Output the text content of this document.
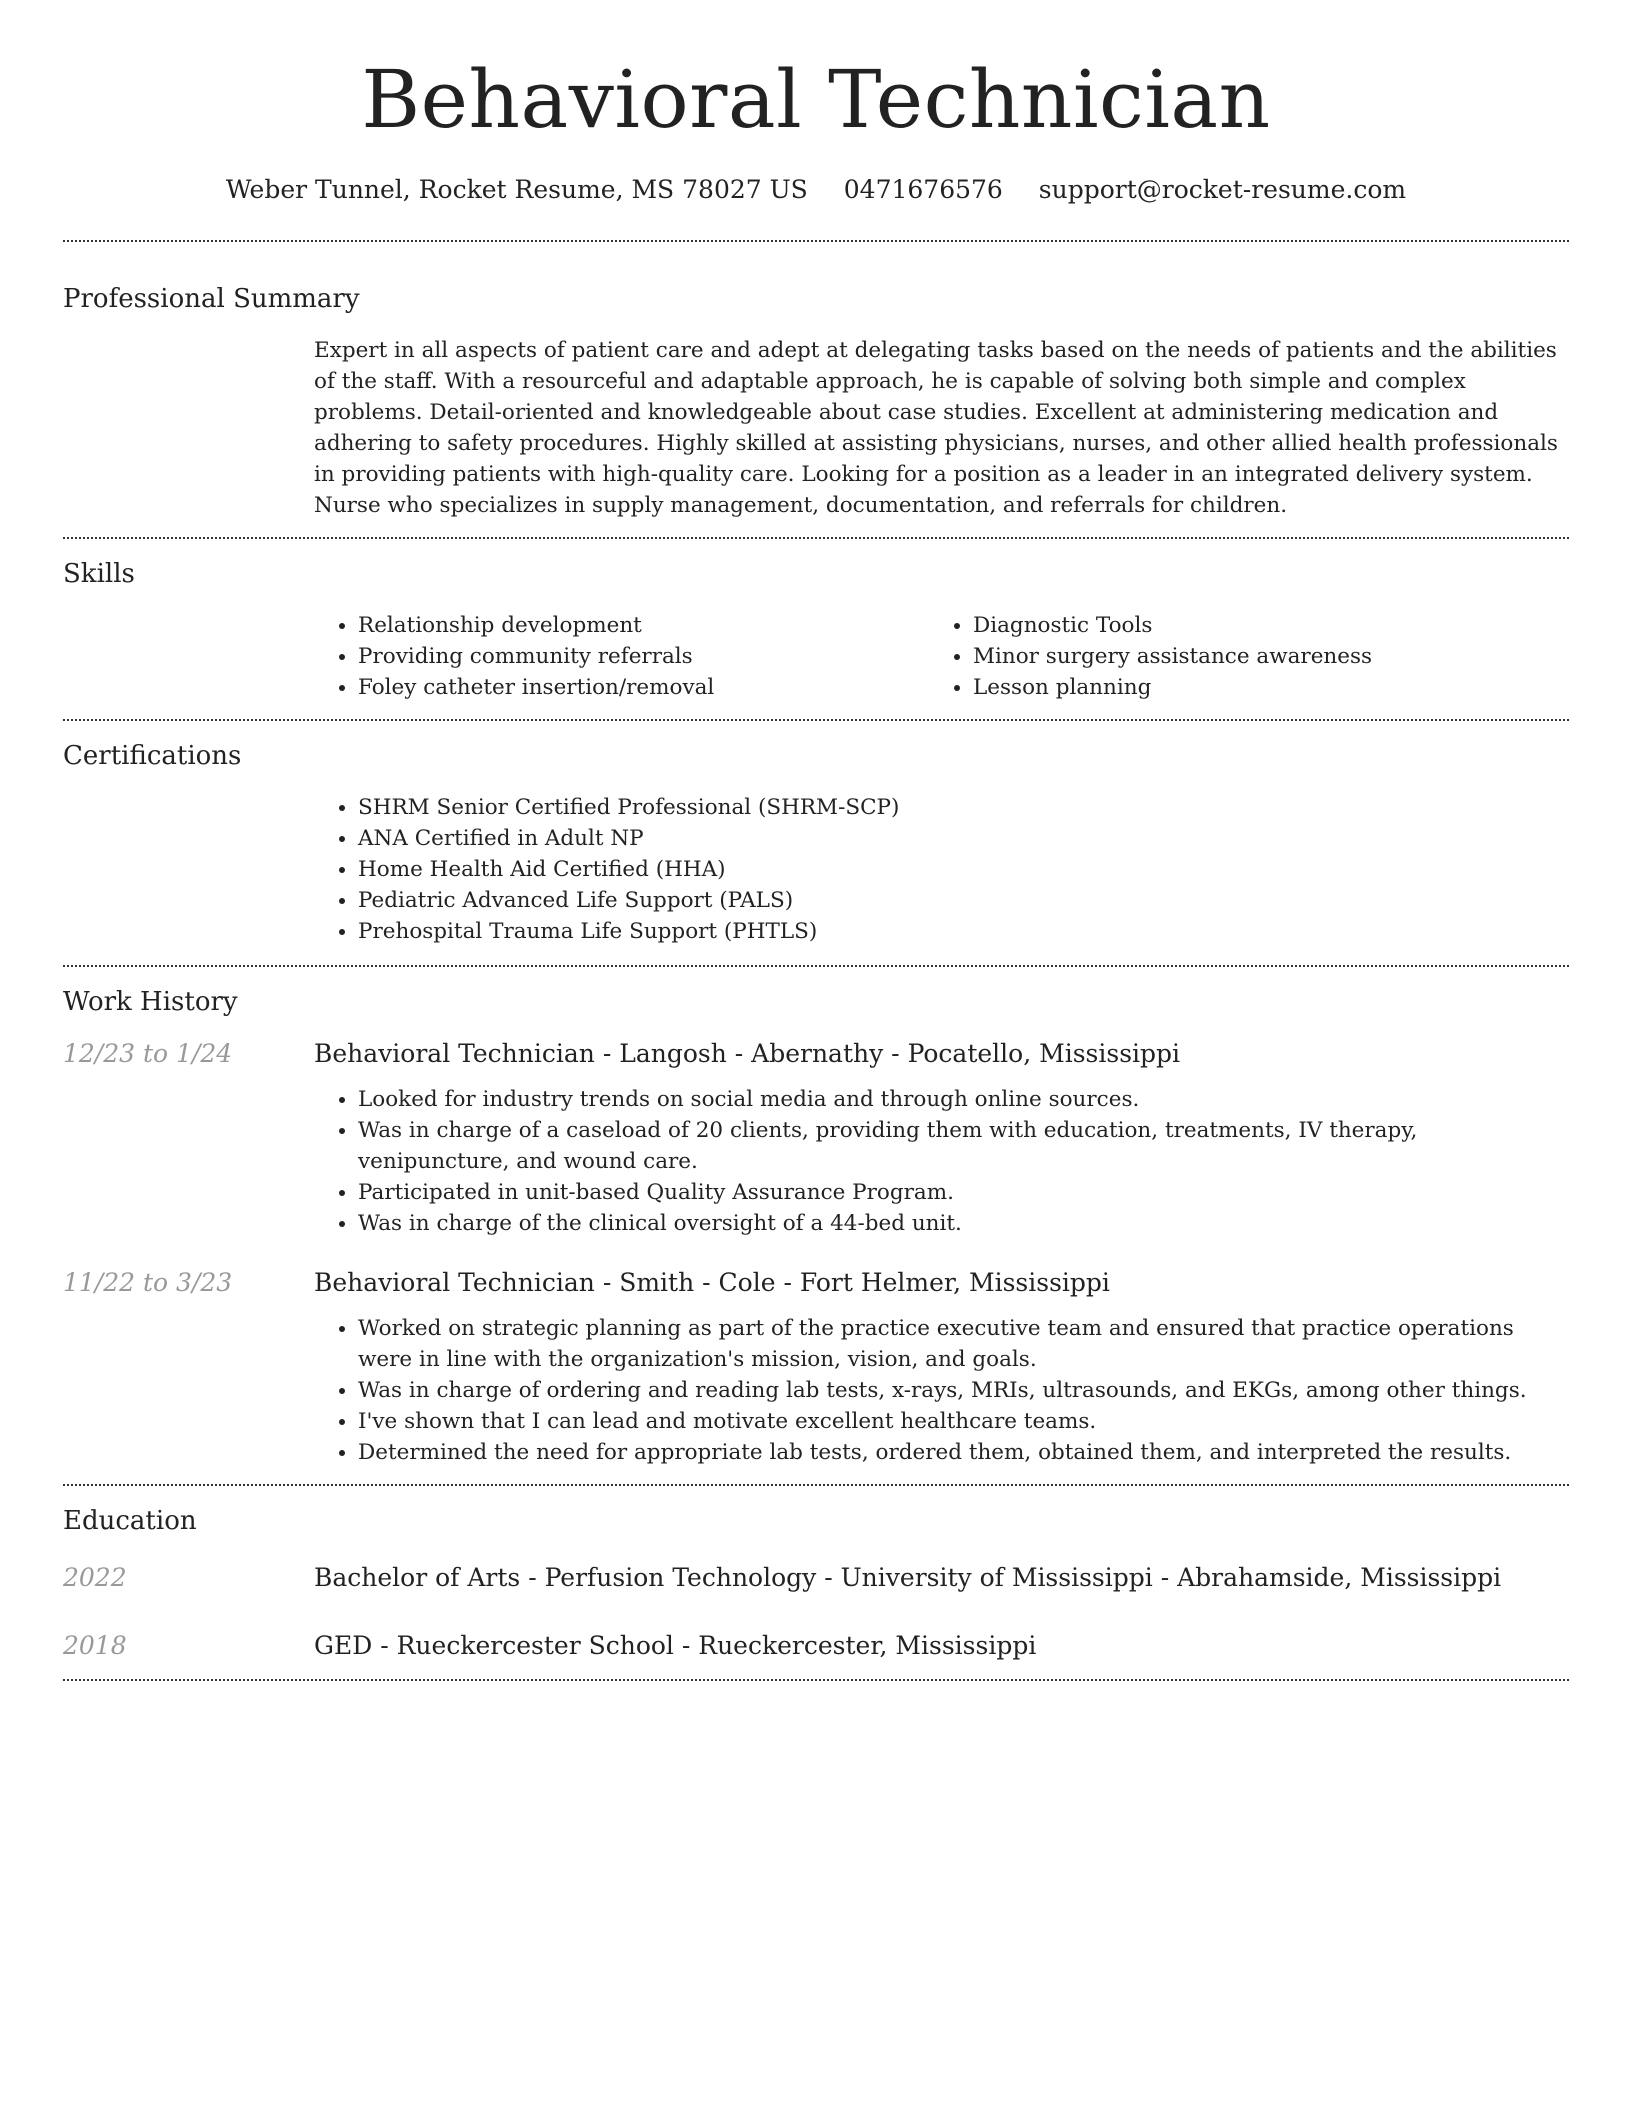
Behavioral Technician
Weber Tunnel, Rocket Resume, MS 78027 US 0471676576 support@rocket-resume.com
Professional Summary

Expert in all aspects of patient care and adept at delegating tasks based on the needs of patients and the abilities of the staff. With a resourceful and adaptable approach, he is capable of solving both simple and complex problems. Detail-oriented and knowledgeable about case studies. Excellent at administering medication and adhering to safety procedures. Highly skilled at assisting physicians, nurses, and other allied health professionals in providing patients with high-quality care. Looking for a position as a leader in an integrated delivery system. Nurse who specializes in supply management, documentation, and referrals for children.

Skills
• Relationship development
• Providing community referrals
• Foley catheter insertion/removal
• Diagnostic Tools
• Minor surgery assistance awareness
• Lesson planning
Certifications
• SHRM Senior Certified Professional (SHRM-SCP)
• ANA Certified in Adult NP
• Home Health Aid Certified (HHA)
• Pediatric Advanced Life Support (PALS)
• Prehospital Trauma Life Support (PHTLS)
Work History
12/23 to 1/24	Behavioral Technician - Langosh - Abernathy - Pocatello, Mississippi
• Looked for industry trends on social media and through online sources.
• Was in charge of a caseload of 20 clients, providing them with education, treatments, IV therapy, venipuncture, and wound care.
• Participated in unit-based Quality Assurance Program.
• Was in charge of the clinical oversight of a 44-bed unit.
11/22 to 3/23	Behavioral Technician - Smith - Cole - Fort Helmer, Mississippi
• Worked on strategic planning as part of the practice executive team and ensured that practice operations were in line with the organization's mission, vision, and goals.
• Was in charge of ordering and reading lab tests, x-rays, MRIs, ultrasounds, and EKGs, among other things.
• I've shown that I can lead and motivate excellent healthcare teams.
• Determined the need for appropriate lab tests, ordered them, obtained them, and interpreted the results.
Education
2022	Bachelor of Arts - Perfusion Technology - University of Mississippi - Abrahamside, Mississippi
2018	GED - Rueckercester School - Rueckercester, Mississippi
